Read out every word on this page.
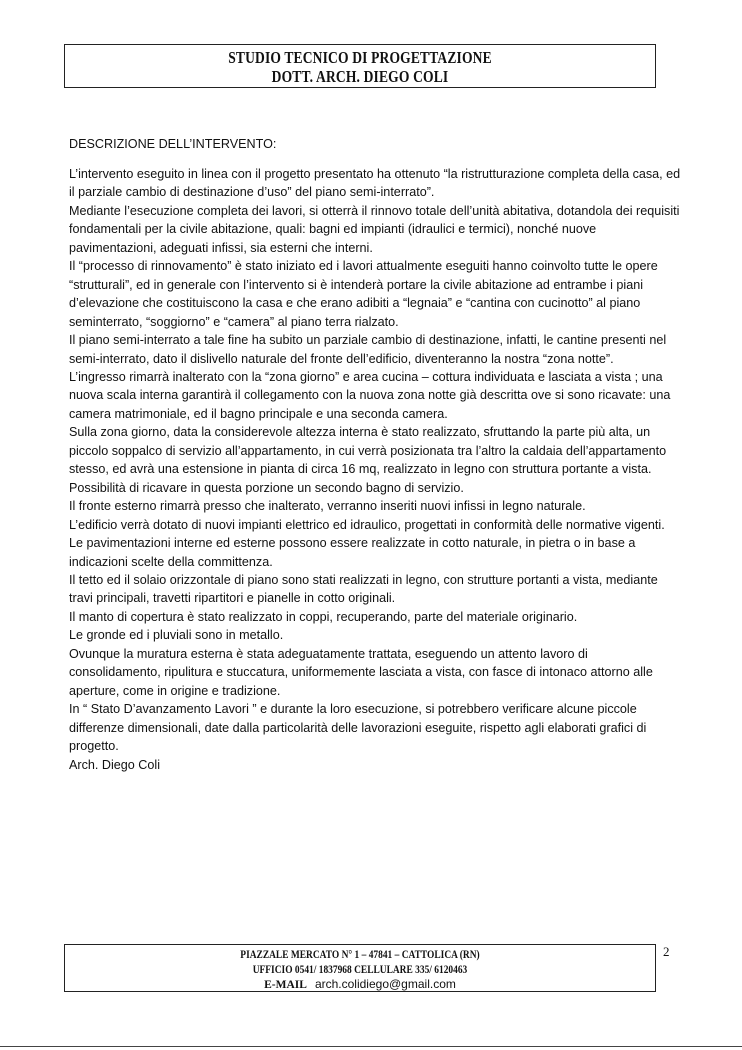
STUDIO TECNICO DI PROGETTAZIONE
DOTT. ARCH. DIEGO COLI
DESCRIZIONE DELL’INTERVENTO:

L’intervento eseguito in linea con il progetto presentato ha ottenuto “la ristrutturazione completa della casa, ed il parziale cambio di destinazione d’uso” del piano semi-interrato”.

Mediante l’esecuzione completa dei lavori, si otterrà il rinnovo totale dell’unità abitativa, dotandola dei requisiti fondamentali per la civile abitazione, quali: bagni ed impianti (idraulici e termici), nonché nuove pavimentazioni, adeguati infissi, sia esterni che interni.

Il “processo di rinnovamento” è stato iniziato ed i lavori attualmente eseguiti hanno coinvolto tutte le opere “strutturali”, ed in generale con l’intervento si è intenderà portare la civile abitazione ad entrambe i piani d’elevazione che costituiscono la casa e che erano adibiti a “legnaia” e “cantina con cucinotto” al piano seminterrato, “soggiorno” e “camera” al piano terra rialzato.

Il piano semi-interrato a tale fine ha subito un parziale cambio di destinazione, infatti, le cantine presenti nel semi-interrato, dato il dislivello naturale del fronte dell’edificio, diventeranno la nostra “zona notte”.

L’ingresso rimarrà inalterato con la “zona giorno” e area cucina – cottura individuata e lasciata a vista ; una nuova scala interna garantirà il collegamento con la nuova zona notte già descritta ove si sono ricavate: una camera matrimoniale, ed il bagno principale e una seconda camera.

Sulla zona giorno, data la considerevole altezza interna è stato realizzato, sfruttando la parte più alta, un piccolo soppalco di servizio all’appartamento, in cui verrà posizionata tra l’altro la caldaia dell’appartamento stesso, ed avrà una estensione in pianta di circa 16 mq, realizzato in legno con struttura portante a vista. Possibilità di ricavare in questa porzione un secondo bagno di servizio.

Il fronte esterno rimarrà presso che inalterato, verranno inseriti nuovi infissi in legno naturale.

L’edificio verrà dotato di nuovi impianti elettrico ed idraulico, progettati in conformità delle normative vigenti.

Le pavimentazioni interne ed esterne possono essere realizzate in cotto naturale, in pietra o in base a indicazioni scelte della committenza.

Il tetto ed il solaio orizzontale di piano sono stati realizzati in legno, con strutture portanti a vista, mediante travi principali, travetti ripartitori e pianelle in cotto originali.

Il manto di copertura è stato realizzato in coppi, recuperando, parte del materiale originario.

Le gronde ed i pluviali sono in metallo.

Ovunque la muratura esterna è stata adeguatamente trattata, eseguendo un attento lavoro di consolidamento, ripulitura e stuccatura, uniformemente lasciata a vista, con fasce di intonaco attorno alle aperture, come in origine e tradizione.

In “ Stato D’avanzamento Lavori ” e durante la loro esecuzione, si potrebbero verificare alcune piccole differenze dimensionali, date dalla particolarità delle lavorazioni eseguite, rispetto agli elaborati grafici di progetto.

Arch. Diego Coli

PIAZZALE MERCATO N° 1 – 47841 – CATTOLICA (RN)
UFFICIO 0541/ 1837968 CELLULARE 335/ 6120463
E-MAIL arch.colidiego@gmail.com
2
